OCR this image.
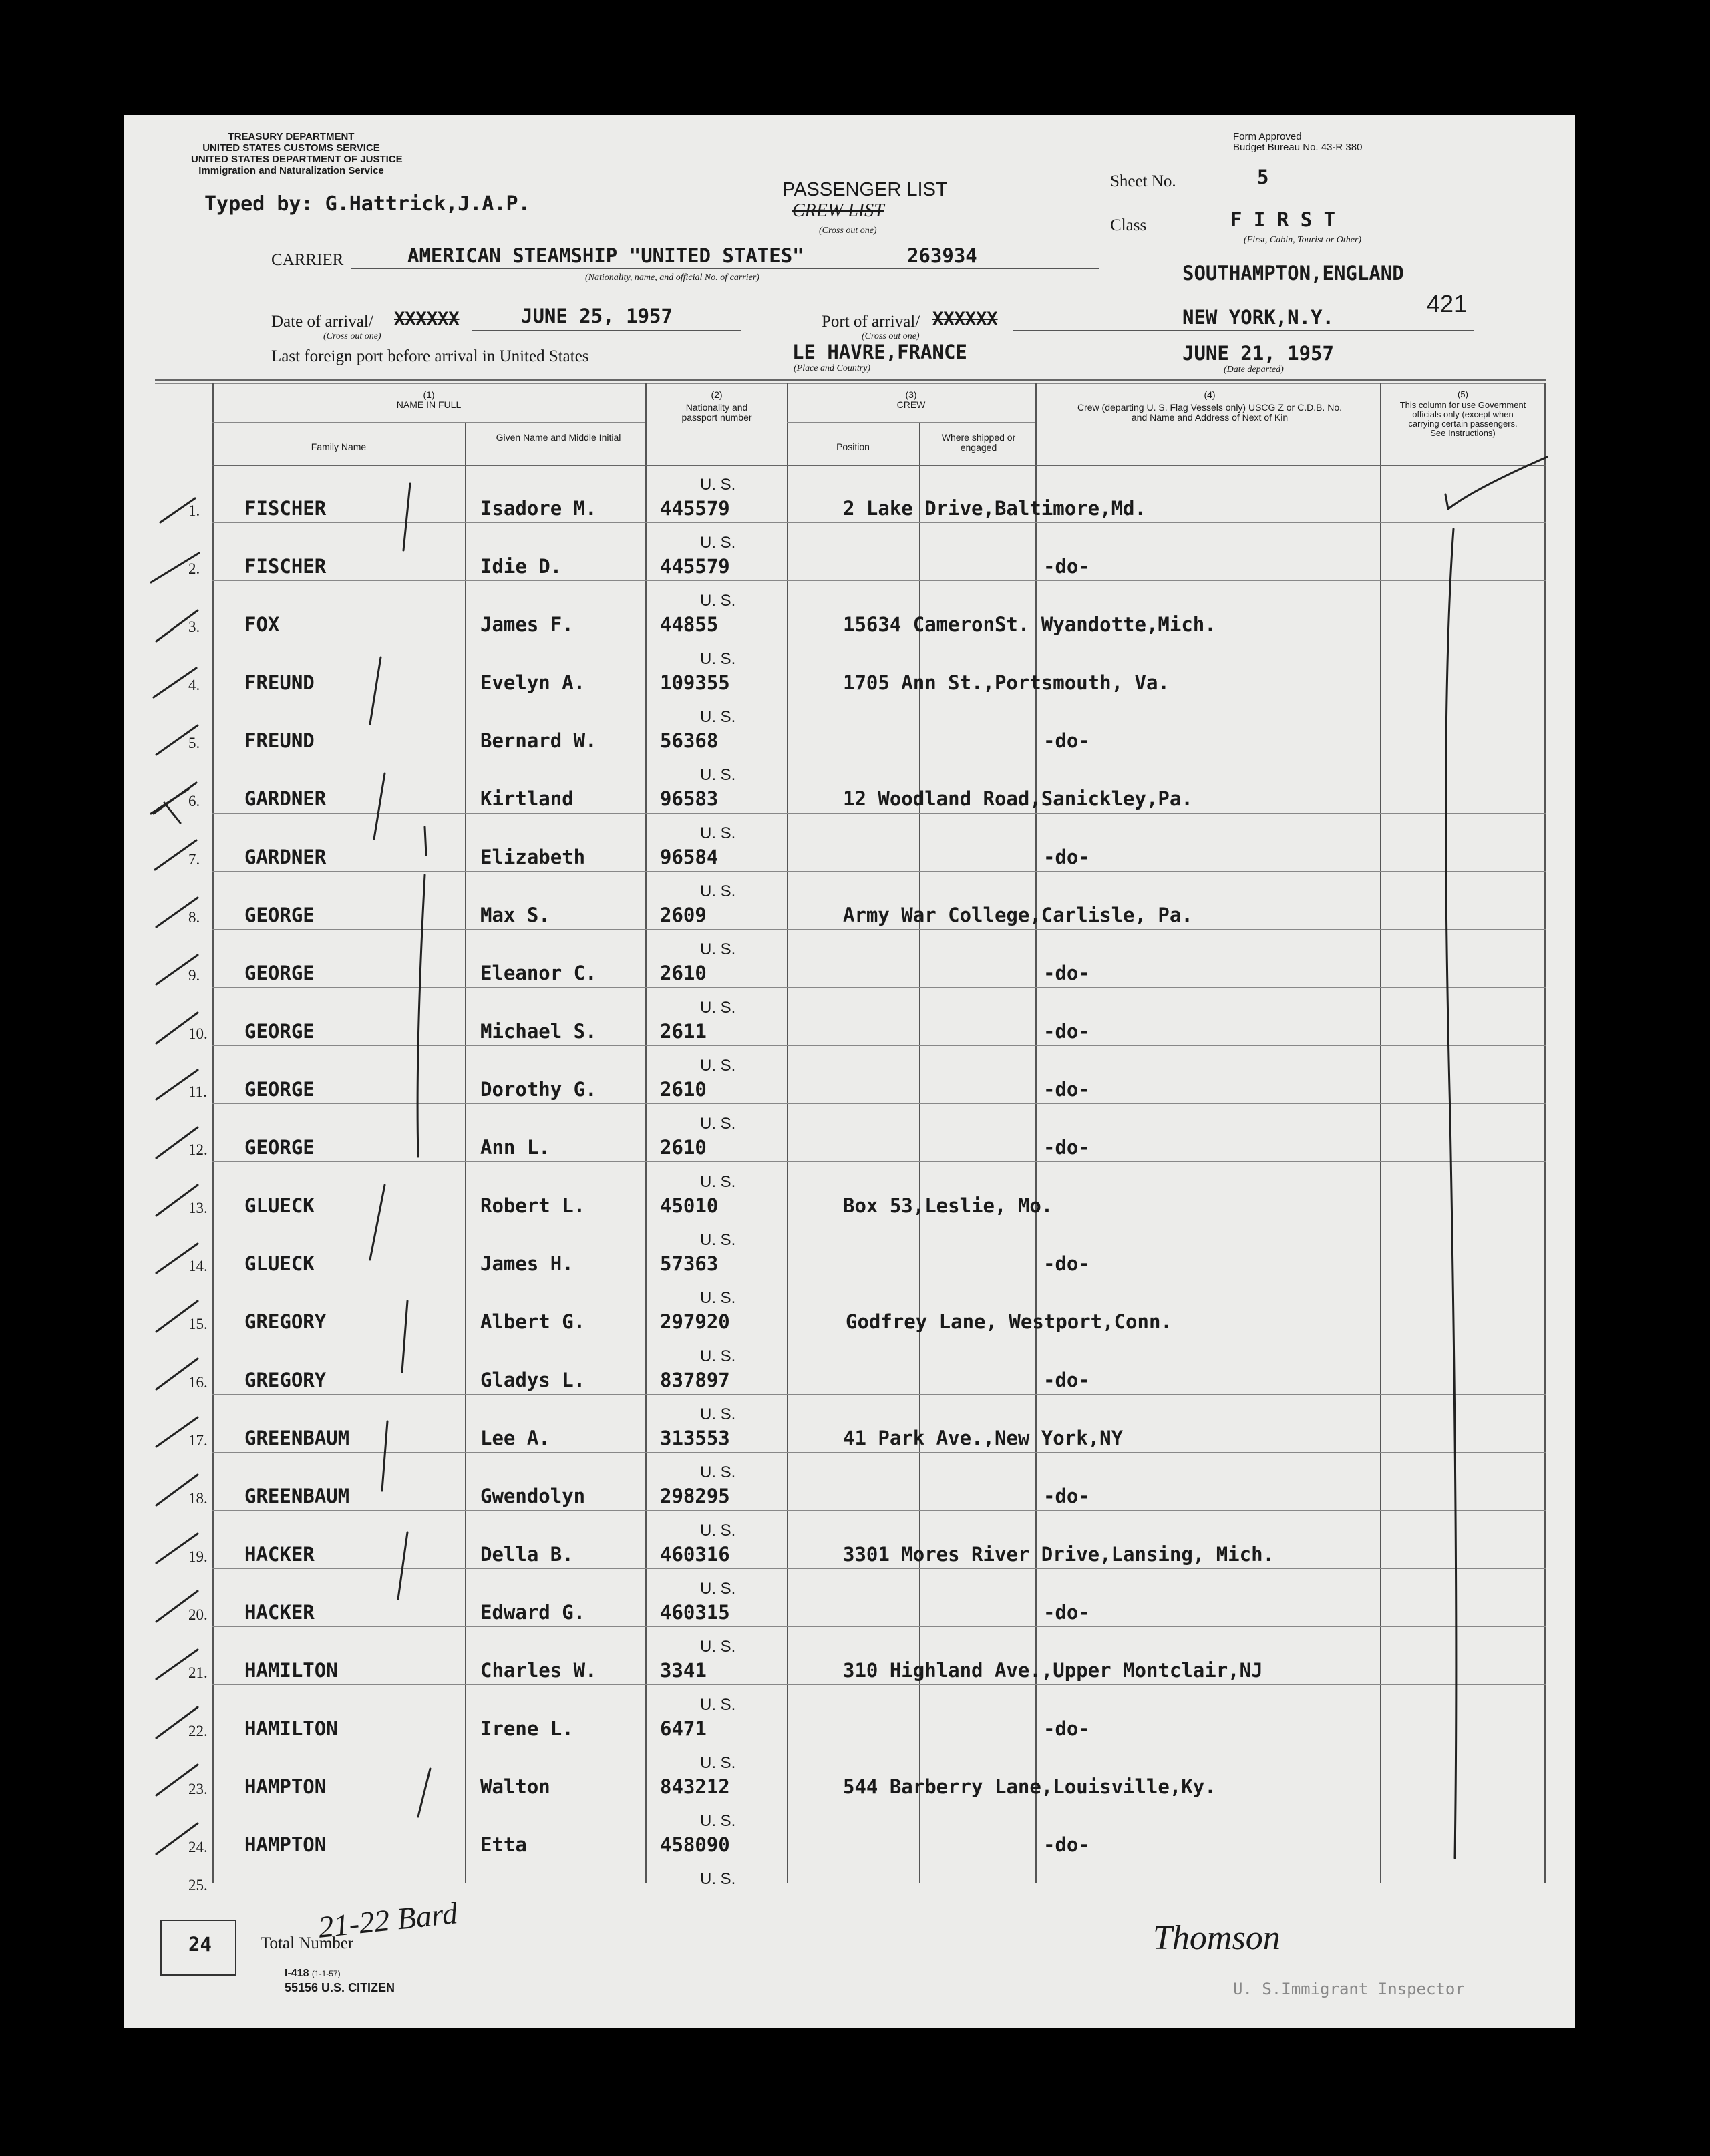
TREASURY DEPARTMENT
UNITED STATES CUSTOMS SERVICE
UNITED STATES DEPARTMENT OF JUSTICE
Immigration and Naturalization Service
Form Approved
Budget Bureau No. 43-R 380
Typed by: G.Hattrick,J.A.P.
PASSENGER LIST
CREW LIST
(Cross out one)
Sheet No.	5
Class	F I R S T
(First, Cabin, Tourist or Other)
CARRIER	AMERICAN STEAMSHIP "UNITED STATES"	263934
(Nationality, name, and official No. of carrier)	SOUTHAMPTON,ENGLAND
Date of arrival/ XXXXXX
(Cross out one)
JUNE 25, 1957	Port of arrival/ XXXXXX
(Cross out one)
NEW YORK,N.Y.	421
Last foreign port before arrival in United States	LE HAVRE,FRANCE
(Place and Country)
JUNE 21, 1957
(Date departed)
(1)
NAME IN FULL
Family Name
Given Name and Middle Initial
(2)
Nationality and passport number
(3)
CREW
Position
Where shipped or engaged
(4)
Crew (departing U. S. Flag Vessels only) USCG Z or C.D.B. No. and Name and Address of Next of Kin
(5)
This column for use Government officials only (except when carrying certain passengers. See Instructions)
U. S.
1. FISCHER	Isadore M.	445579	2 Lake Drive,Baltimore,Md.
U. S.
2. FISCHER	Idie D.	445579	-do-
U. S.
3. FOX	James F.	44855	15634 CameronSt. Wyandotte,Mich.
U. S.
4. FREUND	Evelyn A.	109355	1705 Ann St.,Portsmouth, Va.
U. S.
5. FREUND	Bernard W.	56368	-do-
U. S.
6. GARDNER	Kirtland	96583	12 Woodland Road,Sanickley,Pa.
U. S.
7. GARDNER	Elizabeth	96584	-do-
U. S.
8. GEORGE	Max S.	2609	Army War College,Carlisle, Pa.
U. S.
9. GEORGE	Eleanor C.	2610	-do-
U. S.
10. GEORGE	Michael S.	2611	-do-
U. S.
11. GEORGE	Dorothy G.	2610	-do-
U. S.
12. GEORGE	Ann L.	2610	-do-
U. S.
13. GLUECK	Robert L.	45010	Box 53,Leslie, Mo.
U. S.
14. GLUECK	James H.	57363	-do-
U. S.
15. GREGORY	Albert G.	297920	Godfrey Lane, Westport,Conn.
U. S.
16. GREGORY	Gladys L.	837897	-do-
U. S.
17. GREENBAUM	Lee A.	313553	41 Park Ave.,New York,NY
U. S.
18. GREENBAUM	Gwendolyn	298295	-do-
U. S.
19. HACKER	Della B.	460316	3301 Mores River Drive,Lansing, Mich.
U. S.
20. HACKER	Edward G.	460315	-do-
U. S.
21. HAMILTON	Charles W.	3341	310 Highland Ave.,Upper Montclair,NJ
U. S.
22. HAMILTON	Irene L.	6471	-do-
U. S.
23. HAMPTON	Walton	843212	544 Barberry Lane,Louisville,Ky.
U. S.
24. HAMPTON	Etta	458090	-do-
U. S.
25.
24	Total Number
21-22 Bard
I-418 (1-1-57)
55156 U.S. CITIZEN
Thomson
U. S.Immigrant Inspector
